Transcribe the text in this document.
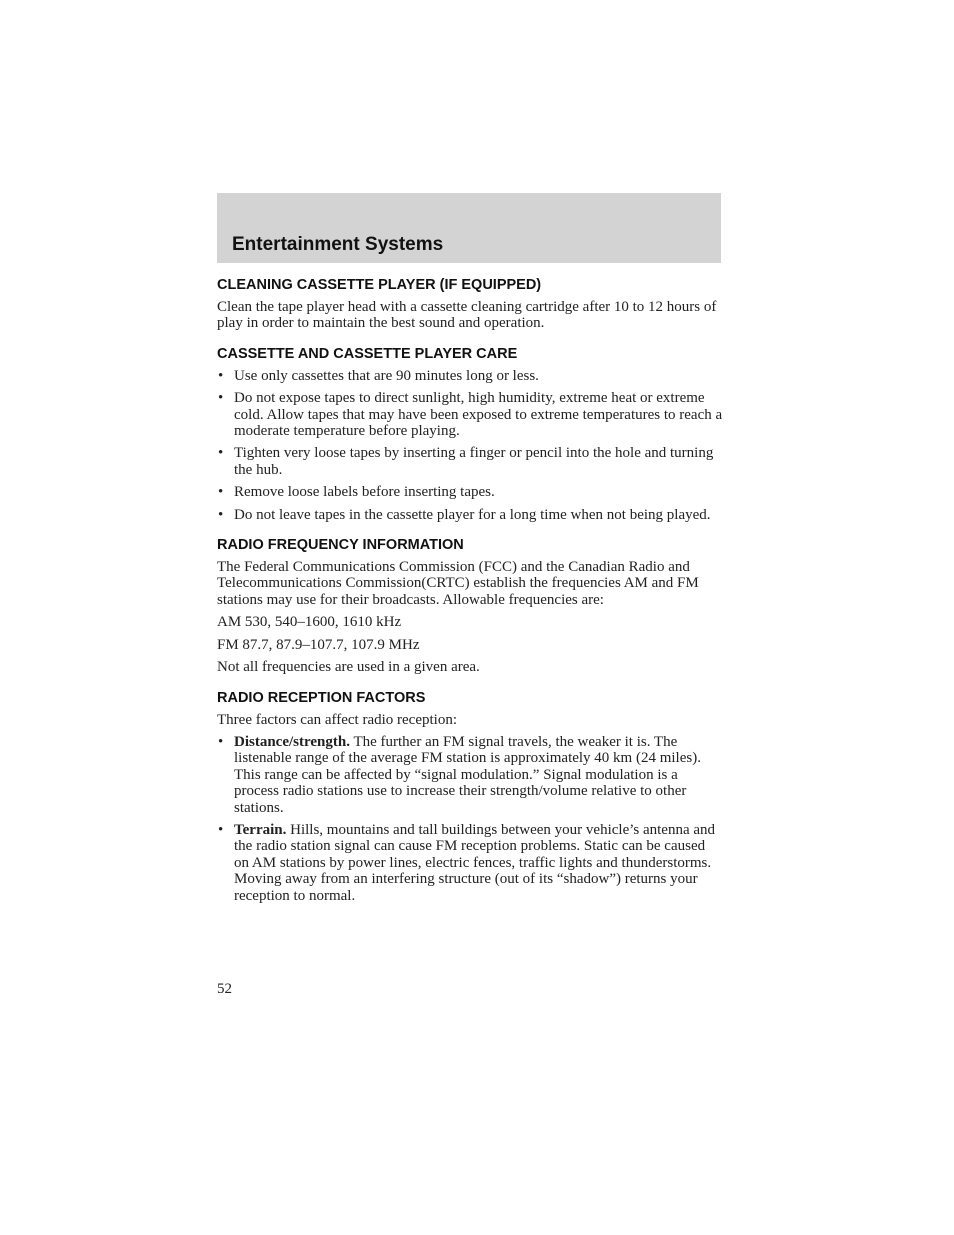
Entertainment Systems
CLEANING CASSETTE PLAYER (IF EQUIPPED)

Clean the tape player head with a cassette cleaning cartridge after 10 to 12 hours of play in order to maintain the best sound and operation.

CASSETTE AND CASSETTE PLAYER CARE
• Use only cassettes that are 90 minutes long or less.
• Do not expose tapes to direct sunlight, high humidity, extreme heat or extreme cold. Allow tapes that may have been exposed to extreme temperatures to reach a moderate temperature before playing.
• Tighten very loose tapes by inserting a finger or pencil into the hole and turning the hub.
• Remove loose labels before inserting tapes.
• Do not leave tapes in the cassette player for a long time when not being played.
RADIO FREQUENCY INFORMATION

The Federal Communications Commission (FCC) and the Canadian Radio and Telecommunications Commission(CRTC) establish the frequencies AM and FM stations may use for their broadcasts. Allowable frequencies are:

AM 530, 540–1600, 1610 kHz

FM 87.7, 87.9–107.7, 107.9 MHz

Not all frequencies are used in a given area.

RADIO RECEPTION FACTORS

Three factors can affect radio reception:

• Distance/strength. The further an FM signal travels, the weaker it is. The listenable range of the average FM station is approximately 40 km (24 miles). This range can be affected by “signal modulation.” Signal modulation is a process radio stations use to increase their strength/volume relative to other stations.
• Terrain. Hills, mountains and tall buildings between your vehicle’s antenna and the radio station signal can cause FM reception problems. Static can be caused on AM stations by power lines, electric fences, traffic lights and thunderstorms. Moving away from an interfering structure (out of its “shadow”) returns your reception to normal.
52
